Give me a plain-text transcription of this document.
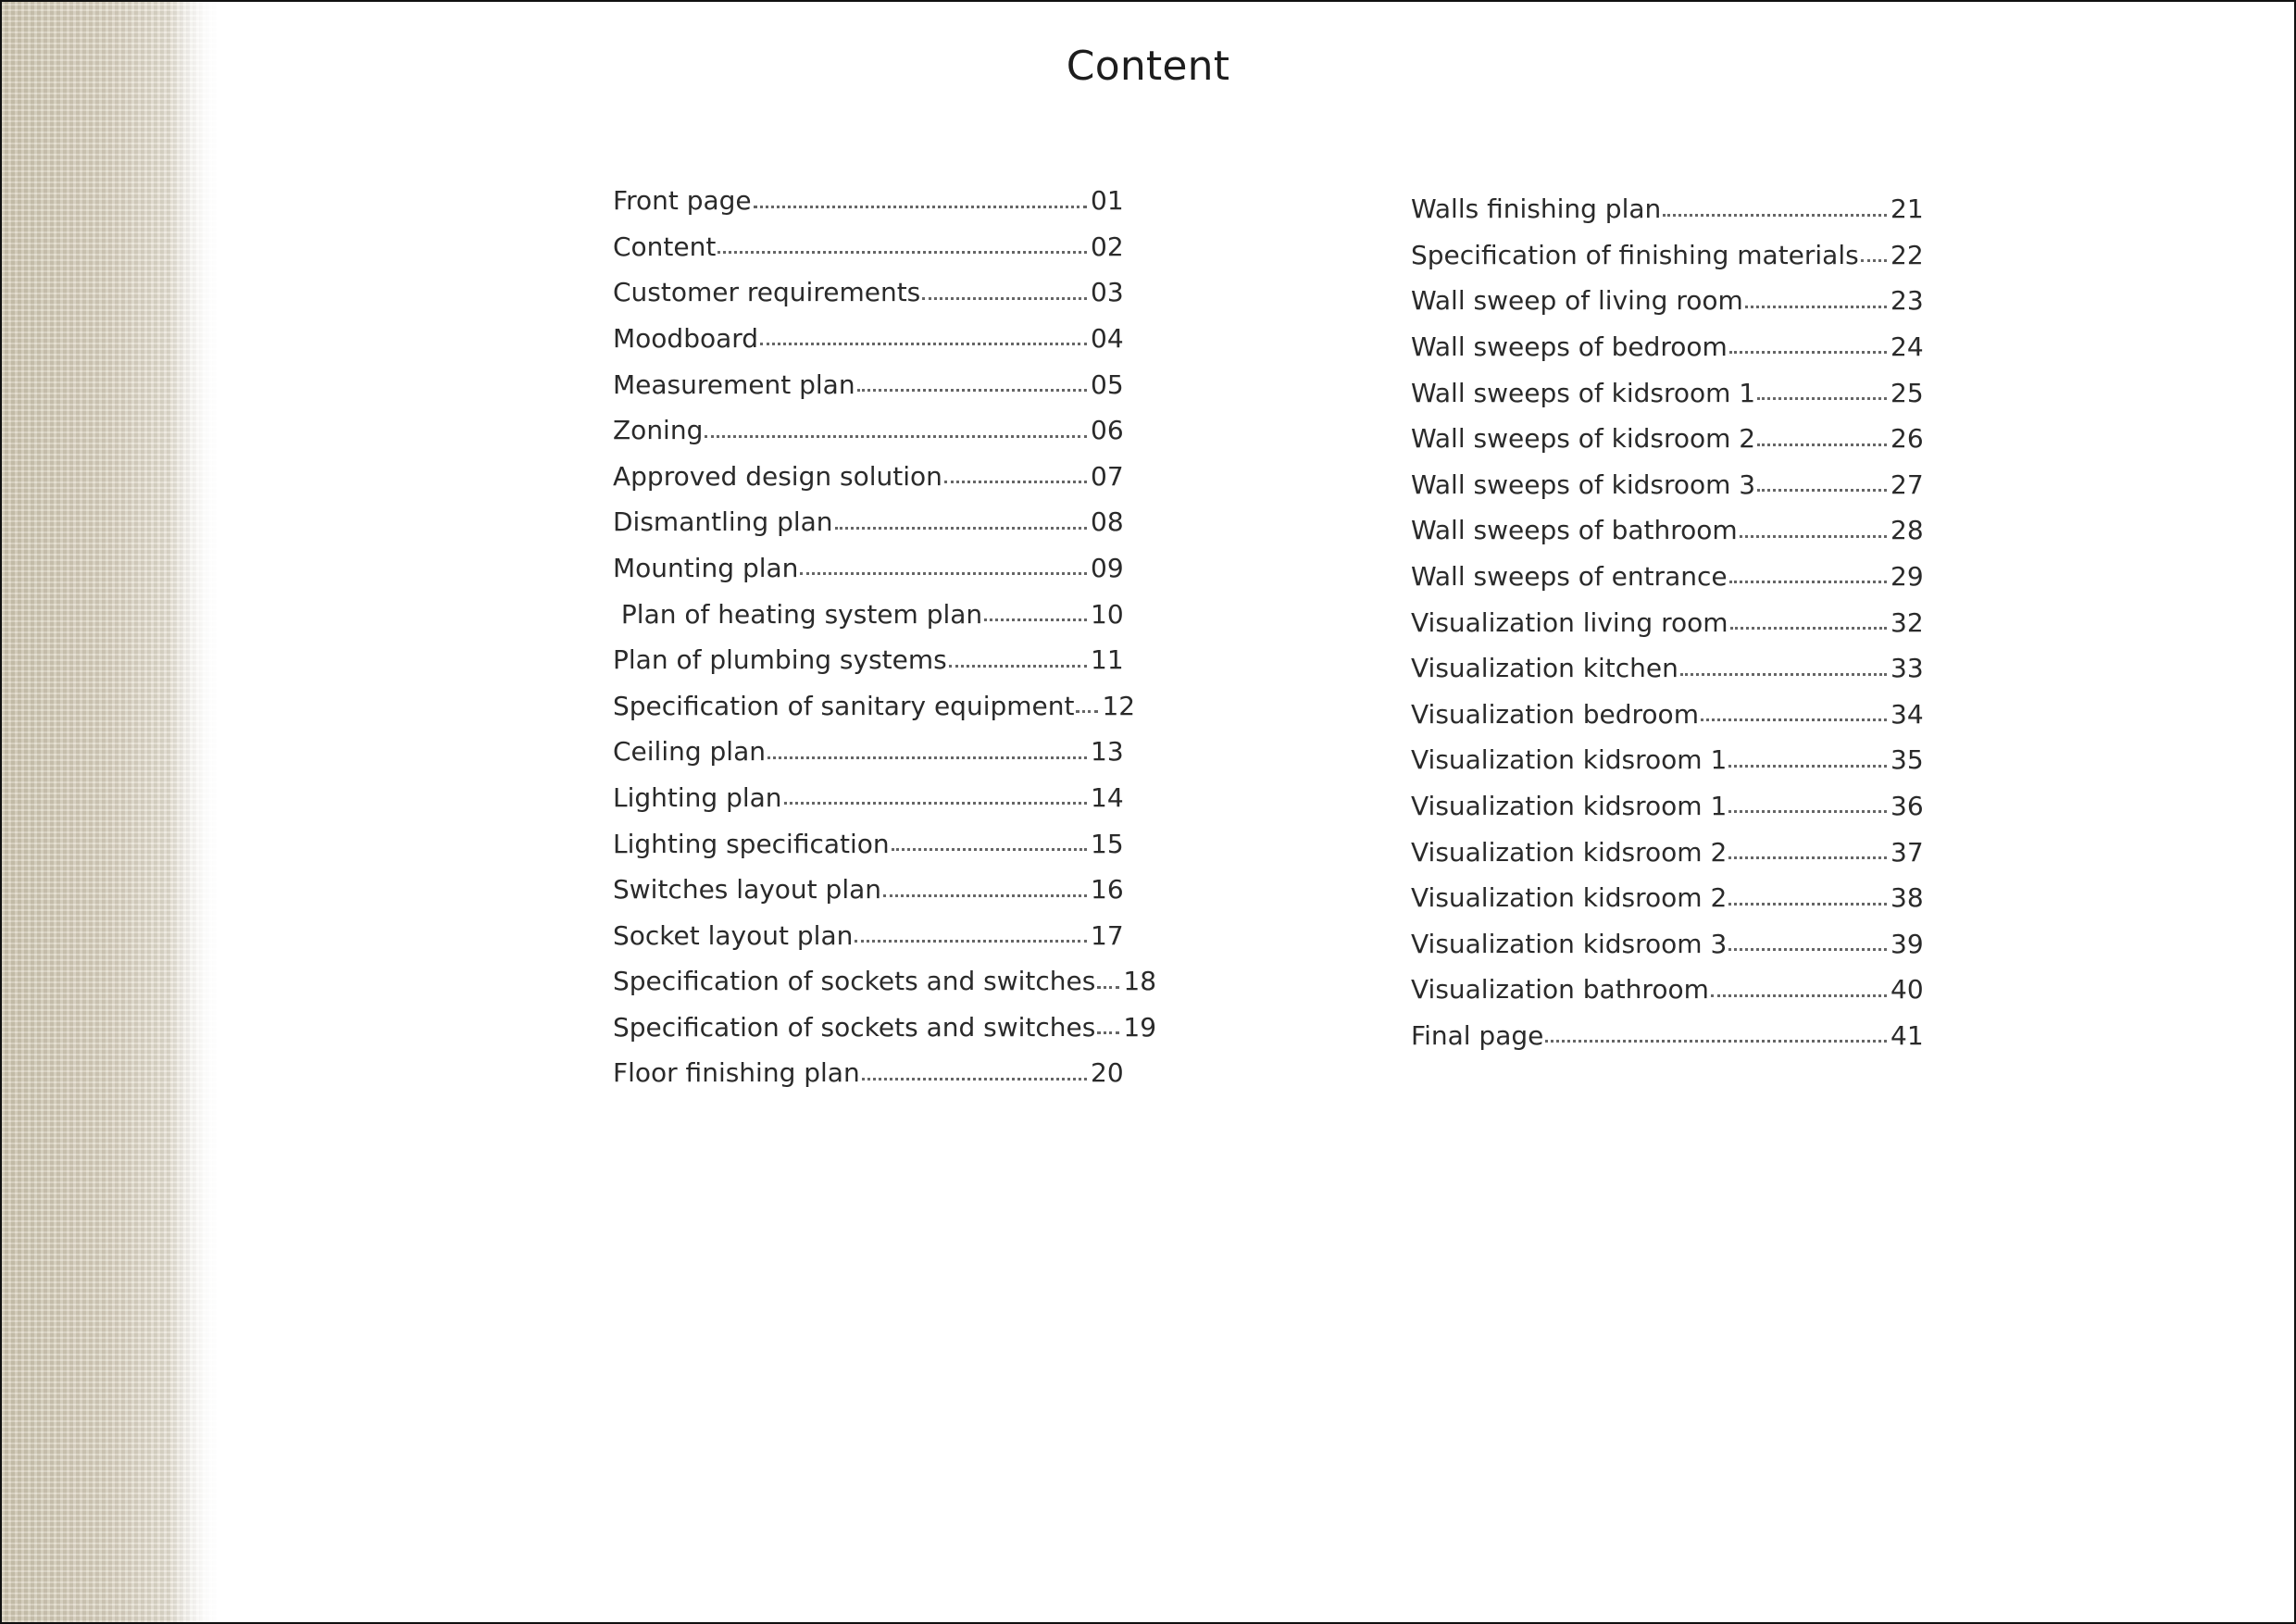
Content
Front page	01
Content	02
Customer requirements	03
Moodboard	04
Measurement plan	05
Zoning	06
Approved design solution	07
Dismantling plan	08
Mounting plan	09
Plan of heating system plan	10
Plan of plumbing systems	11
Specification of sanitary equipment 12
Ceiling plan	13
Lighting plan	14
Lighting specification	15
Switches layout plan	16
Socket layout plan	17
Specification of sockets and switches 18
Specification of sockets and switches 19
Floor finishing plan	20
Walls finishing plan	21
Specification of finishing materials 22
Wall sweep of living room	23
Wall sweeps of bedroom	24
Wall sweeps of kidsroom 1	25
Wall sweeps of kidsroom 2	26
Wall sweeps of kidsroom 3	27
Wall sweeps of bathroom	28
Wall sweeps of entrance	29
Visualization living room	32
Visualization kitchen	33
Visualization bedroom	34
Visualization kidsroom 1	35
Visualization kidsroom 1	36
Visualization kidsroom 2	37
Visualization kidsroom 2	38
Visualization kidsroom 3	39
Visualization bathroom	40
Final page	41
